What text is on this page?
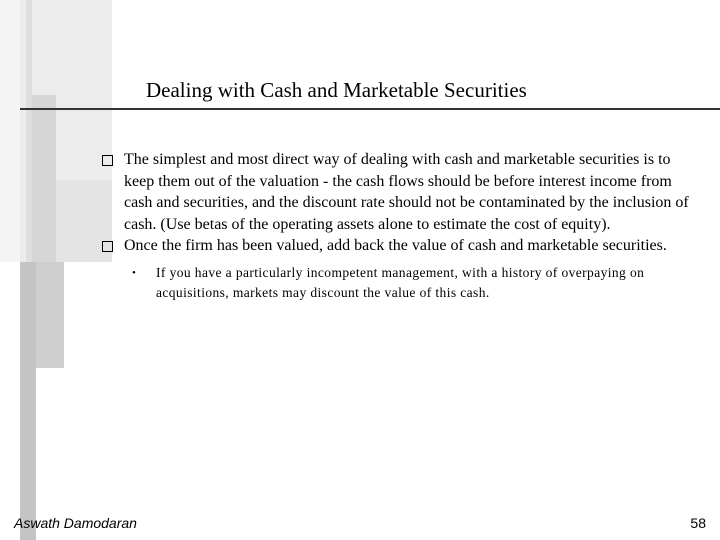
Dealing with Cash and Marketable Securities
The simplest and most direct way of dealing with cash and marketable securities is to keep them out of the valuation - the cash flows should be before interest income from cash and securities, and the discount rate should not be contaminated by the inclusion of cash. (Use betas of the operating assets alone to estimate the cost of equity).
Once the firm has been valued, add back the value of cash and marketable securities.
•	If you have a particularly incompetent management, with a history of overpaying on acquisitions, markets may discount the value of this cash.
Aswath Damodaran	58
